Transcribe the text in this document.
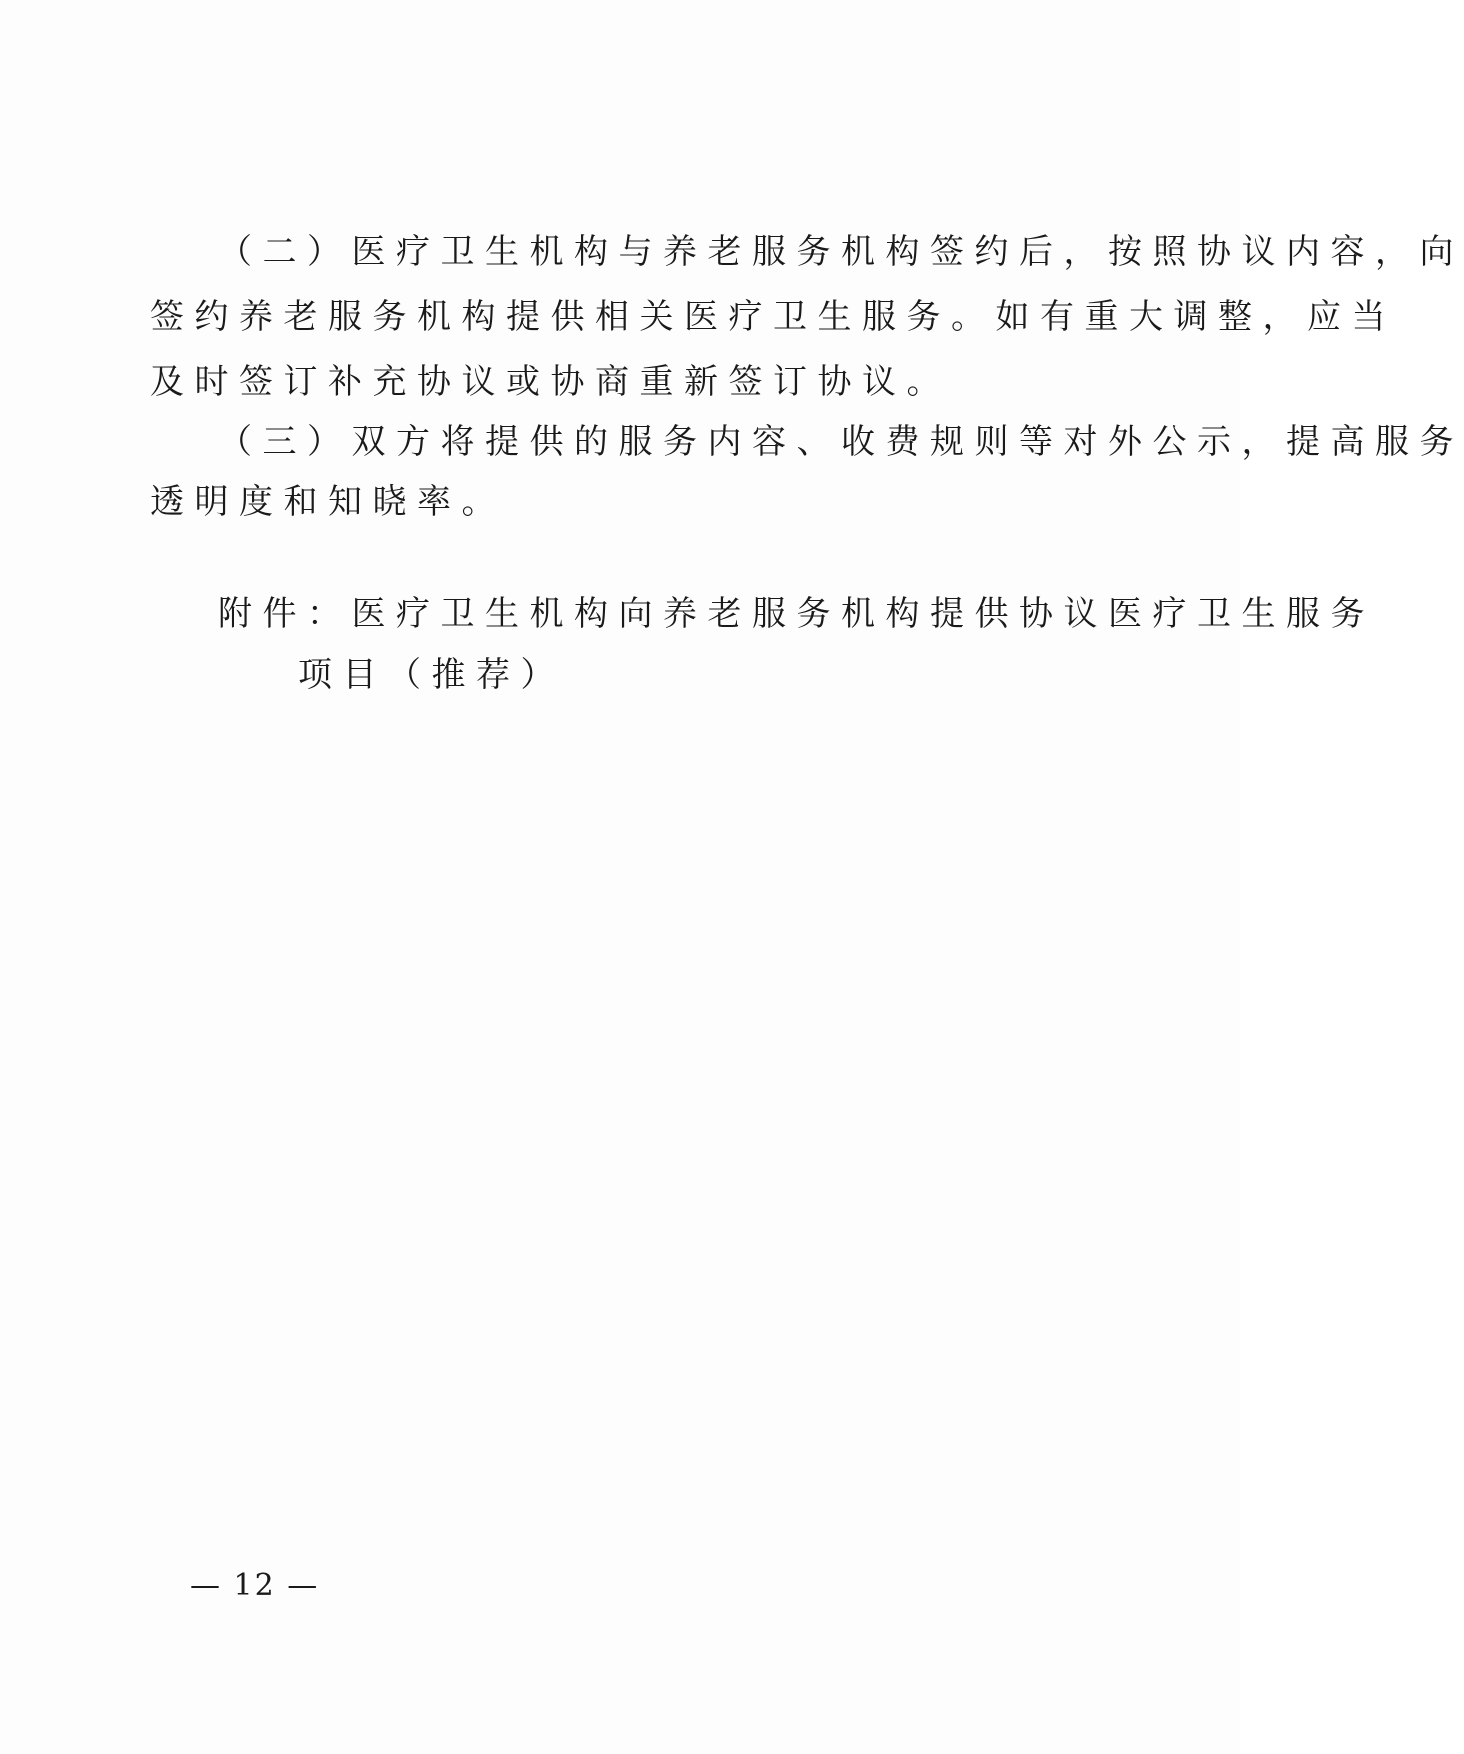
（二）医疗卫生机构与养老服务机构签约后，按照协议内容，向
签约养老服务机构提供相关医疗卫生服务。如有重大调整，应当
及时签订补充协议或协商重新签订协议。
（三）双方将提供的服务内容、收费规则等对外公示，提高服务
透明度和知晓率。
附件：医疗卫生机构向养老服务机构提供协议医疗卫生服务
项目（推荐）
— 12 —
